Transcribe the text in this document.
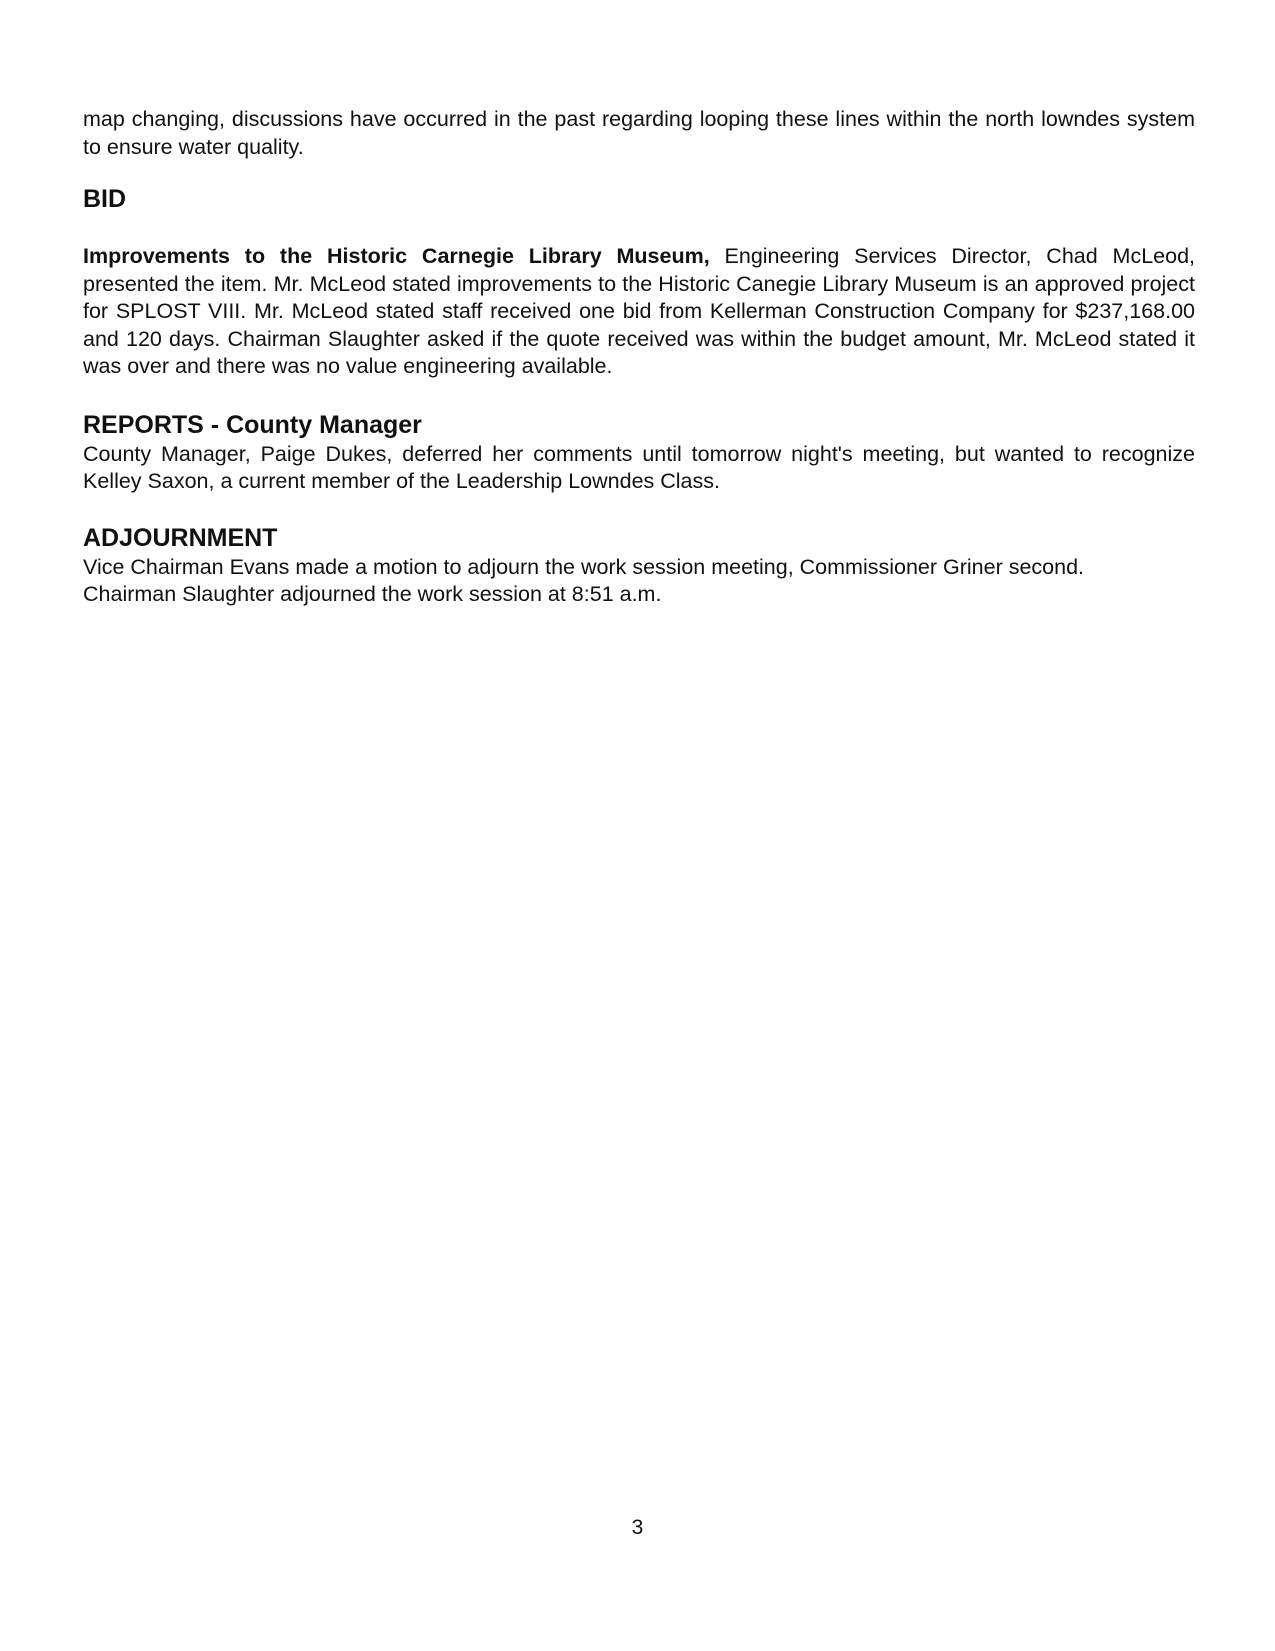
map changing, discussions have occurred in the past regarding looping these lines within the north lowndes system to ensure water quality.

BID

Improvements to the Historic Carnegie Library Museum, Engineering Services Director, Chad McLeod, presented the item. Mr. McLeod stated improvements to the Historic Canegie Library Museum is an approved project for SPLOST VIII. Mr. McLeod stated staff received one bid from Kellerman Construction Company for $237,168.00 and 120 days. Chairman Slaughter asked if the quote received was within the budget amount, Mr. McLeod stated it was over and there was no value engineering available.

REPORTS - County Manager

County Manager, Paige Dukes, deferred her comments until tomorrow night's meeting, but wanted to recognize Kelley Saxon, a current member of the Leadership Lowndes Class.

ADJOURNMENT

Vice Chairman Evans made a motion to adjourn the work session meeting, Commissioner Griner second.

Chairman Slaughter adjourned the work session at 8:51 a.m.

3
